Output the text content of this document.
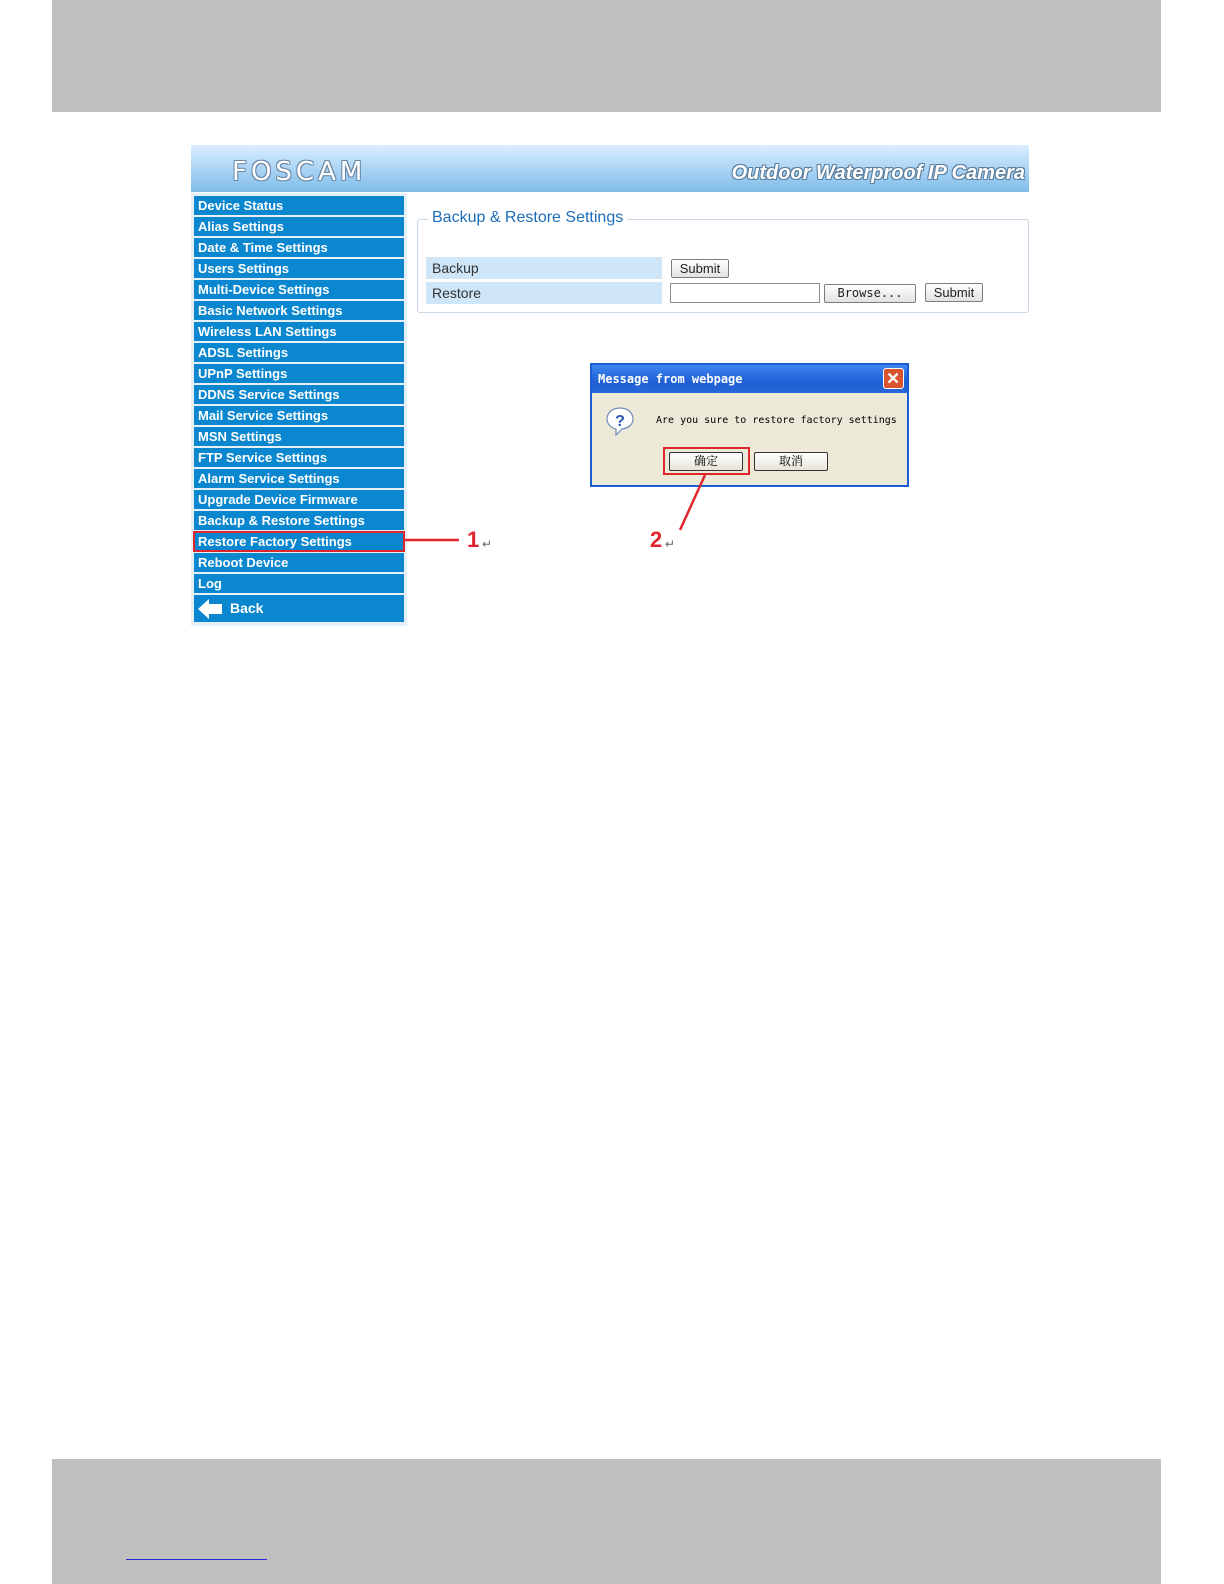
FOSCAM	Outdoor Waterproof IP Camera
Device Status
Alias Settings
Date & Time Settings
Users Settings
Multi-Device Settings
Basic Network Settings
Wireless LAN Settings
ADSL Settings
UPnP Settings
DDNS Service Settings
Mail Service Settings
MSN Settings
FTP Service Settings
Alarm Service Settings
Upgrade Device Firmware
Backup & Restore Settings
Restore Factory Settings
Reboot Device
Log
Back
Backup & Restore Settings
Backup	Submit
Restore	Browse...	Submit
Message from webpage
?	Are you sure to restore factory settings
确定	取消
1 ↵	2 ↵
